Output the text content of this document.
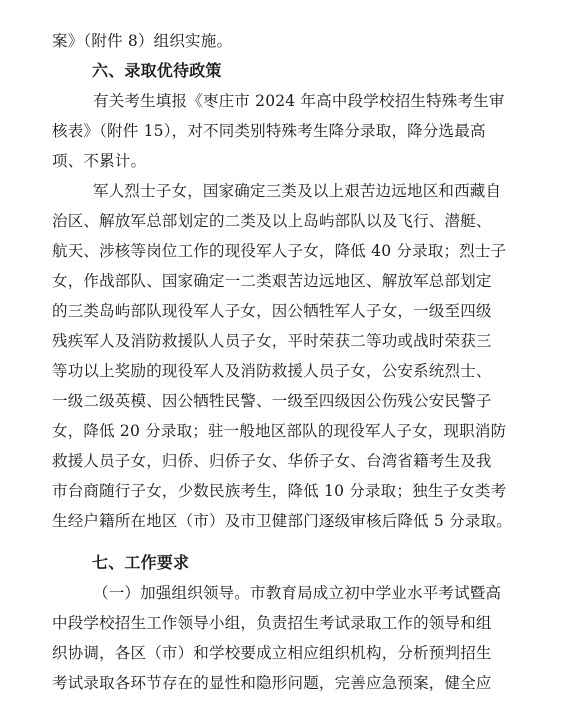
案》（附件 8）组织实施。
六、录取优待政策
有关考生填报《枣庄市 2024 年高中段学校招生特殊考生审
核表》（附件 15），对不同类别特殊考生降分录取，降分选最高
项、不累计。
军人烈士子女，国家确定三类及以上艰苦边远地区和西藏自
治区、解放军总部划定的二类及以上岛屿部队以及飞行、潜艇、
航天、涉核等岗位工作的现役军人子女，降低 40 分录取；烈士子
女，作战部队、国家确定一二类艰苦边远地区、解放军总部划定
的三类岛屿部队现役军人子女，因公牺牲军人子女，一级至四级
残疾军人及消防救援队人员子女，平时荣获二等功或战时荣获三
等功以上奖励的现役军人及消防救援人员子女，公安系统烈士、
一级二级英模、因公牺牲民警、一级至四级因公伤残公安民警子
女，降低 20 分录取；驻一般地区部队的现役军人子女，现职消防
救援人员子女，归侨、归侨子女、华侨子女、台湾省籍考生及我
市台商随行子女，少数民族考生，降低 10 分录取；独生子女类考
生经户籍所在地区（市）及市卫健部门逐级审核后降低 5 分录取。
七、工作要求
（一）加强组织领导。市教育局成立初中学业水平考试暨高
中段学校招生工作领导小组，负责招生考试录取工作的领导和组
织协调，各区（市）和学校要成立相应组织机构，分析预判招生
考试录取各环节存在的显性和隐形问题，完善应急预案，健全应
